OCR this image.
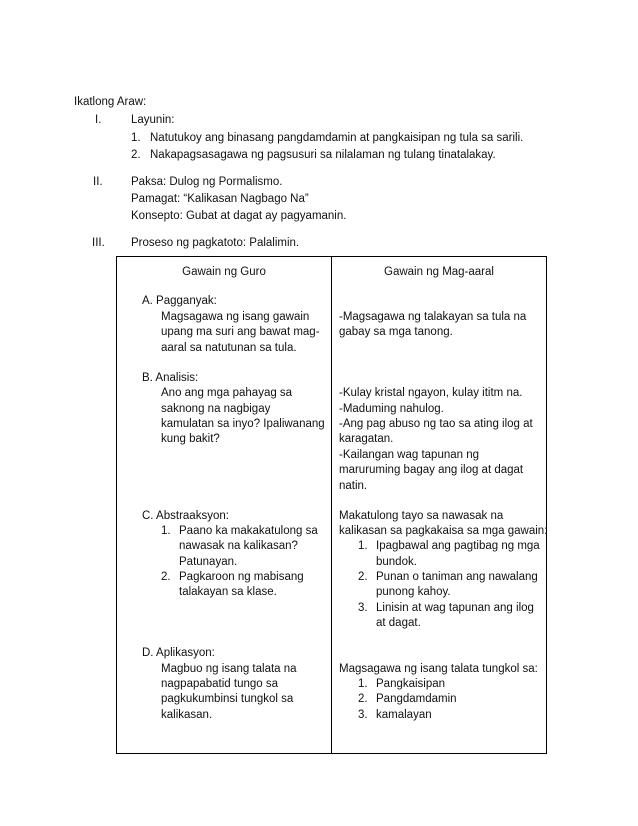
Ikatlong Araw:
I.	Layunin:
1. Natutukoy ang binasang pangdamdamin at pangkaisipan ng tula sa sarili.
2. Nakapagsasagawa ng pagsusuri sa nilalaman ng tulang tinatalakay.
II. Paksa: Dulog ng Pormalismo.
Pamagat: “Kalikasan Nagbago Na”
Konsepto: Gubat at dagat ay pagyamanin.
III. Proseso ng pagkatoto: Palalimin.
Gawain ng Guro	Gawain ng Mag-aaral
A. Pagganyak:
Magsagawa ng isang gawain
upang ma suri ang bawat mag-
aaral sa natutunan sa tula.
B. Analisis:
Ano ang mga pahayag sa
saknong na nagbigay
kamulatan sa inyo? Ipaliwanang
kung bakit?
C. Abstraaksyon:
1. Paano ka makakatulong sa
nawasak na kalikasan?
Patunayan.
2. Pagkaroon ng mabisang
talakayan sa klase.
D. Aplikasyon:
Magbuo ng isang talata na
nagpapabatid tungo sa
pagkukumbinsi tungkol sa
kalikasan.
-Magsagawa ng talakayan sa tula na
gabay sa mga tanong.
-Kulay kristal ngayon, kulay ititm na.
-Maduming nahulog.
-Ang pag abuso ng tao sa ating ilog at
karagatan.
-Kailangan wag tapunan ng
maruruming bagay ang ilog at dagat
natin.
Makatulong tayo sa nawasak na
kalikasan sa pagkakaisa sa mga gawain:
1. Ipagbawal ang pagtibag ng mga
bundok.
2. Punan o taniman ang nawalang
punong kahoy.
3. Linisin at wag tapunan ang ilog
at dagat.
Magsagawa ng isang talata tungkol sa:
1. Pangkaisipan
2. Pangdamdamin
3. kamalayan
